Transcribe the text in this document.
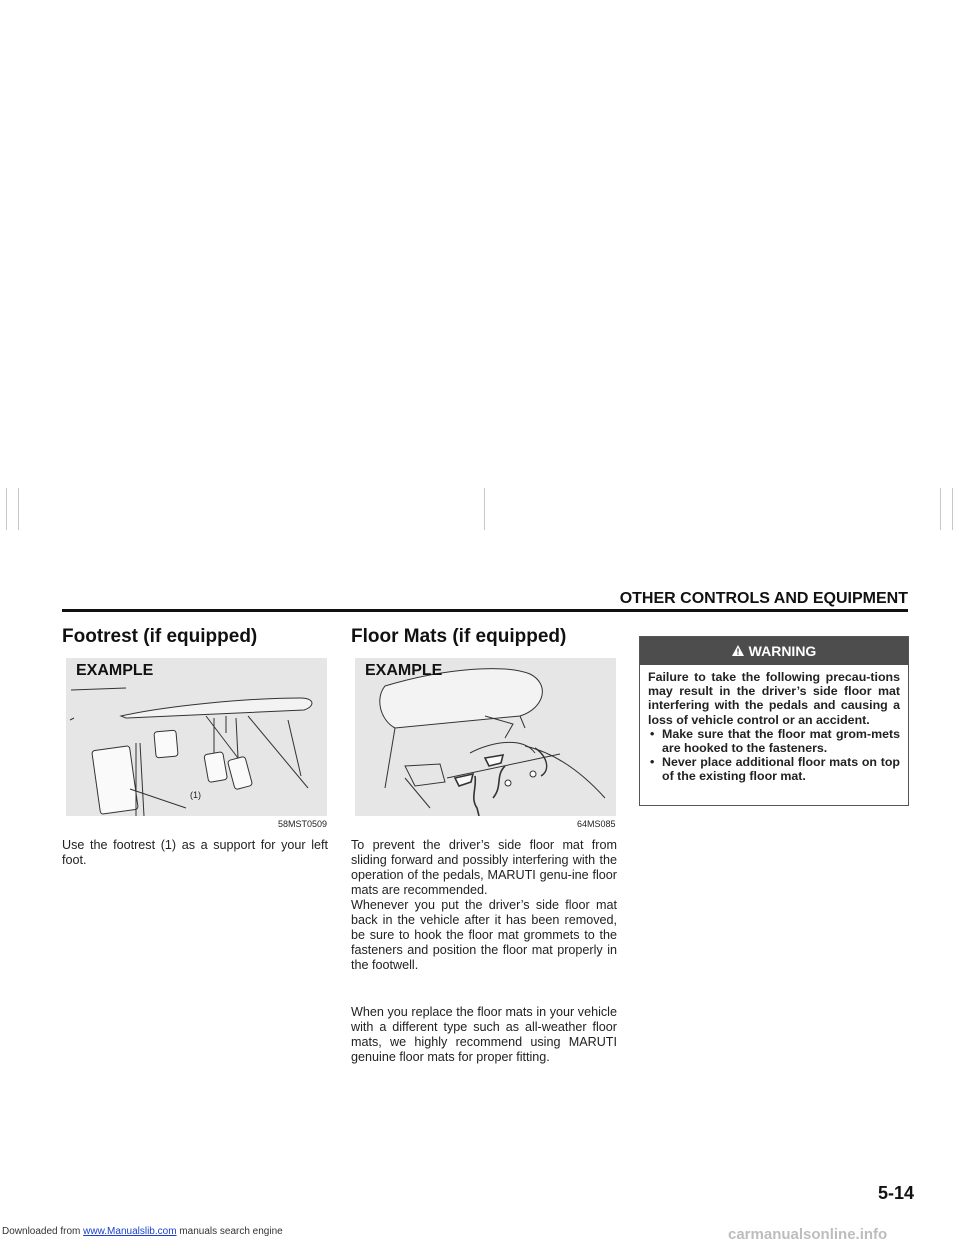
OTHER CONTROLS AND EQUIPMENT
Footrest (if equipped)
EXAMPLE
(1)
58MST0509

Use the footrest (1) as a support for your left foot.

Floor Mats (if equipped)
EXAMPLE
64MS085

To prevent the driver’s side floor mat from sliding forward and possibly interfering with the operation of the pedals, MARUTI genu-ine floor mats are recommended.

Whenever you put the driver’s side floor mat back in the vehicle after it has been removed, be sure to hook the floor mat grommets to the fasteners and position the floor mat properly in the footwell.

When you replace the floor mats in your vehicle with a different type such as all-weather floor mats, we highly recommend using MARUTI genuine floor mats for proper fitting.

WARNING

Failure to take the following precau-tions may result in the driver’s side floor mat interfering with the pedals and causing a loss of vehicle control or an accident.

• Make sure that the floor mat grom-mets are hooked to the fasteners.
• Never place additional floor mats on top of the existing floor mat.
5-14
Downloaded from www.Manualslib.com manuals search engine	carmanualsonline.info
